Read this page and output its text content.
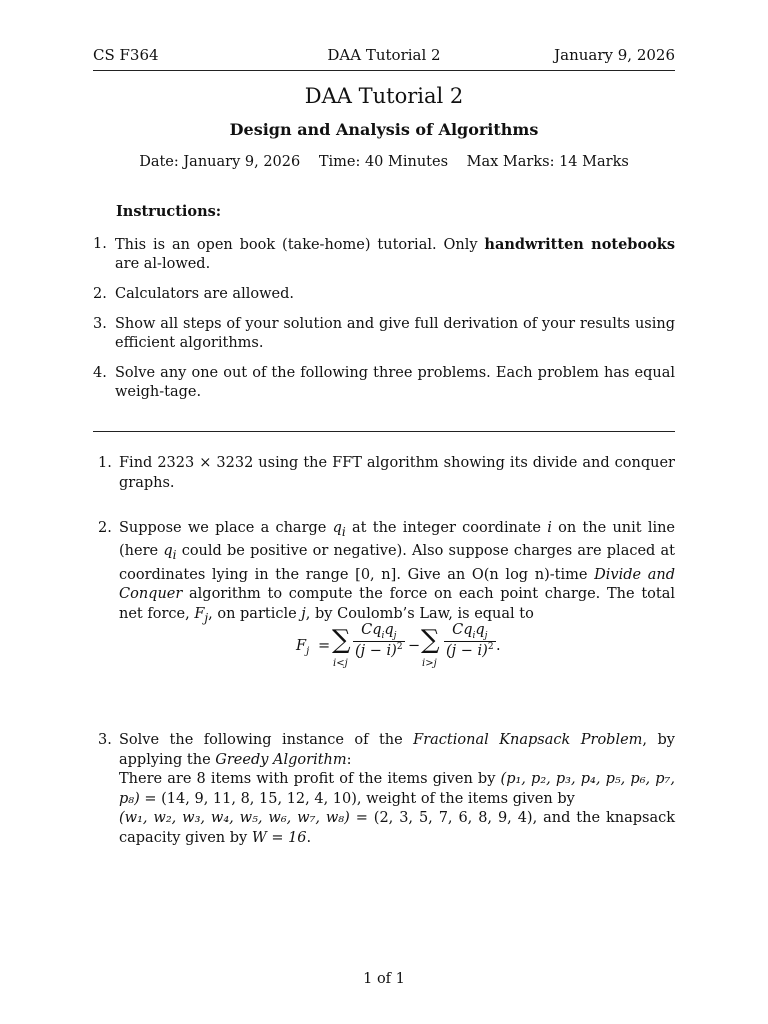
CS F364	DAA Tutorial 2	January 9, 2026
DAA Tutorial 2
Design and Analysis of Algorithms
Date: January 9, 2026 Time: 40 Minutes Max Marks: 14 Marks
Instructions:
1. This is an open book (take-home) tutorial. Only handwritten notebooks are al-lowed.
2. Calculators are allowed.
3. Show all steps of your solution and give full derivation of your results using efficient algorithms.
4. Solve any one out of the following three problems. Each problem has equal weigh-tage.
1. Find 2323 × 3232 using the FFT algorithm showing its divide and conquer graphs.
2. Suppose we place a charge $q_i$ at the integer coordinate i on the unit line (here $q_i$ could be positive or negative). Also suppose charges are placed at coordinates lying in the range [0, n]. Give an O(n log n)-time Divide and Conquer algorithm to compute the force on each point charge. The total net force, $F_j$, on particle j, by Coulomb’s Law, is equal to
$F_j$ = ∑
i<j
$Cq_iq_j$
$(j - i)^2$ − ∑
i>j
$Cq_iq_j$
$(j - i)^2$ .
3. Solve the following instance of the Fractional Knapsack Problem, by applying the Greedy Algorithm:
There are 8 items with profit of the items given by (p₁, p₂, p₃, p₄, p₅, p₆, p₇, p₈) = (14, 9, 11, 8, 15, 12, 4, 10), weight of the items given by
(w₁, w₂, w₃, w₄, w₅, w₆, w₇, w₈) = (2, 3, 5, 7, 6, 8, 9, 4), and the knapsack capacity given by W = 16.
1 of 1
